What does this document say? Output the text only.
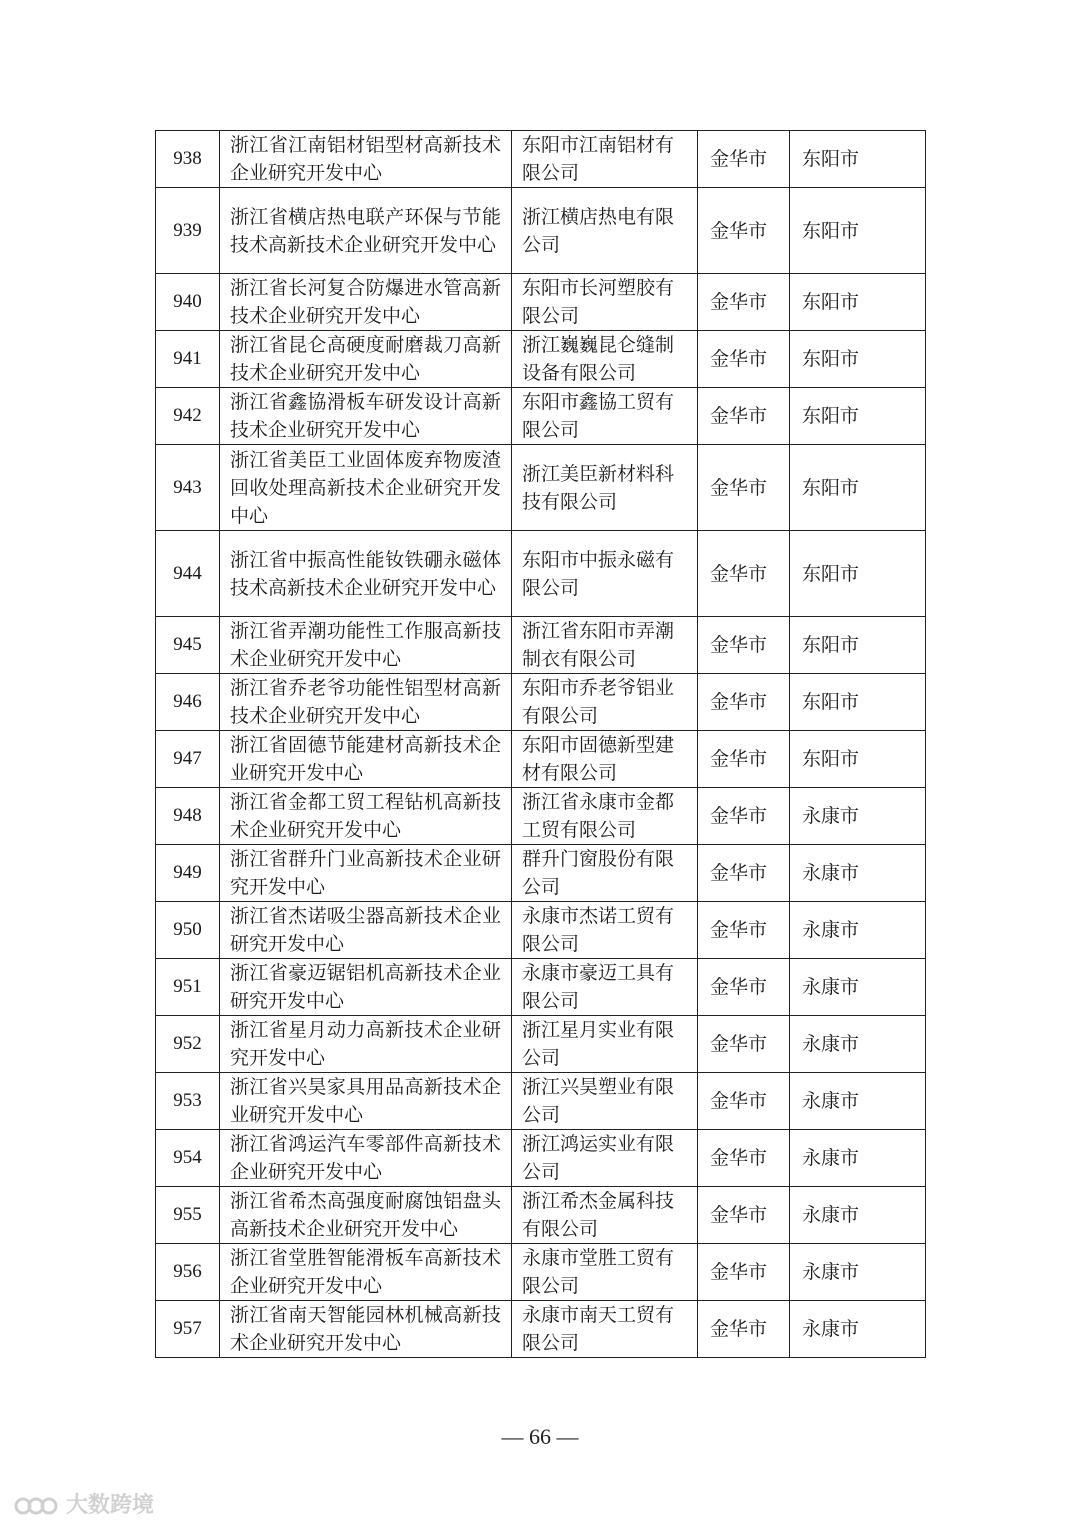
938	浙江省江南铝材铝型材高新技术企业研究开发中心	东阳市江南铝材有限公司	金华市	东阳市
939	浙江省横店热电联产环保与节能技术高新技术企业研究开发中心	浙江横店热电有限公司	金华市	东阳市
940	浙江省长河复合防爆进水管高新技术企业研究开发中心	东阳市长河塑胶有限公司	金华市	东阳市
941	浙江省昆仑高硬度耐磨裁刀高新技术企业研究开发中心	浙江巍巍昆仑缝制设备有限公司	金华市	东阳市
942	浙江省鑫協滑板车研发设计高新技术企业研究开发中心	东阳市鑫協工贸有限公司	金华市	东阳市
943	浙江省美臣工业固体废弃物废渣回收处理高新技术企业研究开发中心	浙江美臣新材料科技有限公司	金华市	东阳市
944	浙江省中振高性能钕铁硼永磁体技术高新技术企业研究开发中心	东阳市中振永磁有限公司	金华市	东阳市
945	浙江省弄潮功能性工作服高新技术企业研究开发中心	浙江省东阳市弄潮制衣有限公司	金华市	东阳市
946	浙江省乔老爷功能性铝型材高新技术企业研究开发中心	东阳市乔老爷铝业有限公司	金华市	东阳市
947	浙江省固德节能建材高新技术企业研究开发中心	东阳市固德新型建材有限公司	金华市	东阳市
948	浙江省金都工贸工程钻机高新技术企业研究开发中心	浙江省永康市金都工贸有限公司	金华市	永康市
949	浙江省群升门业高新技术企业研究开发中心	群升门窗股份有限公司	金华市	永康市
950	浙江省杰诺吸尘器高新技术企业研究开发中心	永康市杰诺工贸有限公司	金华市	永康市
951	浙江省豪迈锯铝机高新技术企业研究开发中心	永康市豪迈工具有限公司	金华市	永康市
952	浙江省星月动力高新技术企业研究开发中心	浙江星月实业有限公司	金华市	永康市
953	浙江省兴昊家具用品高新技术企业研究开发中心	浙江兴昊塑业有限公司	金华市	永康市
954	浙江省鸿运汽车零部件高新技术企业研究开发中心	浙江鸿运实业有限公司	金华市	永康市
955	浙江省希杰高强度耐腐蚀铝盘头高新技术企业研究开发中心	浙江希杰金属科技有限公司	金华市	永康市
956	浙江省堂胜智能滑板车高新技术企业研究开发中心	永康市堂胜工贸有限公司	金华市	永康市
957	浙江省南天智能园林机械高新技术企业研究开发中心	永康市南天工贸有限公司	金华市	永康市
— 66 —
大数跨境
